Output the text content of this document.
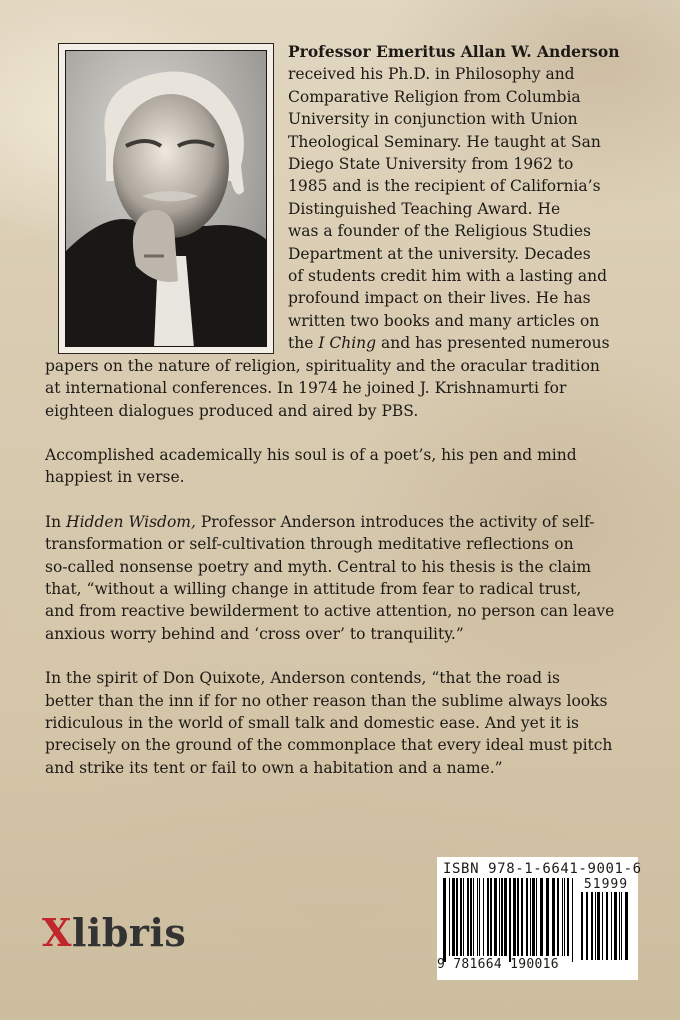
Professor Emeritus Allan W. Anderson
received his Ph.D. in Philosophy and
Comparative Religion from Columbia
University in conjunction with Union
Theological Seminary. He taught at San
Diego State University from 1962 to
1985 and is the recipient of California’s
Distinguished Teaching Award. He
was a founder of the Religious Studies
Department at the university. Decades
of students credit him with a lasting and
profound impact on their lives. He has
written two books and many articles on
the I Ching and has presented numerous
papers on the nature of religion, spirituality and the oracular tradition
at international conferences. In 1974 he joined J. Krishnamurti for
eighteen dialogues produced and aired by PBS.
Accomplished academically his soul is of a poet’s, his pen and mind
happiest in verse.
In Hidden Wisdom, Professor Anderson introduces the activity of self-
transformation or self-cultivation through meditative reflections on
so-called nonsense poetry and myth. Central to his thesis is the claim
that, “without a willing change in attitude from fear to radical trust,
and from reactive bewilderment to active attention, no person can leave
anxious worry behind and ‘cross over’ to tranquility.”
In the spirit of Don Quixote, Anderson contends, “that the road is
better than the inn if for no other reason than the sublime always looks
ridiculous in the world of small talk and domestic ease. And yet it is
precisely on the ground of the commonplace that every ideal must pitch
and strike its tent or fail to own a habitation and a name.”
Xlibris
ISBN 978-1-6641-9001-6
51999
9 781664 190016
